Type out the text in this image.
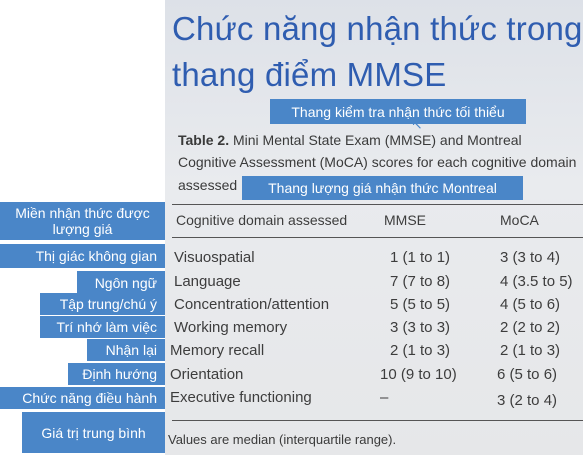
Chức năng nhận thức trong
thang điểm MMSE
Thang kiểm tra nhận thức tối thiểu
↖
Table 2. Mini Mental State Exam (MMSE) and Montreal
Cognitive Assessment (MoCA) scores for each cognitive domain
assessed	Thang lượng giá nhận thức Montreal
Cognitive domain assessed	MMSE	MoCA
Miền nhận thức được lượng giá
Thị giác không gian	Visuospatial	1 (1 to 1)	3 (3 to 4)
Ngôn ngữ	Language	7 (7 to 8)	4 (3.5 to 5)
Tập trung/chú ý	Concentration/attention	5 (5 to 5)	4 (5 to 6)
Trí nhớ làm việc	Working memory	3 (3 to 3)	2 (2 to 2)
Nhận lại Memory recall	2 (1 to 3)	2 (1 to 3)
Định hướng Orientation	10 (9 to 10)	6 (5 to 6)
Chức năng điều hành Executive functioning	–	3 (2 to 4)
Giá trị trung bình	Values are median (interquartile range).
